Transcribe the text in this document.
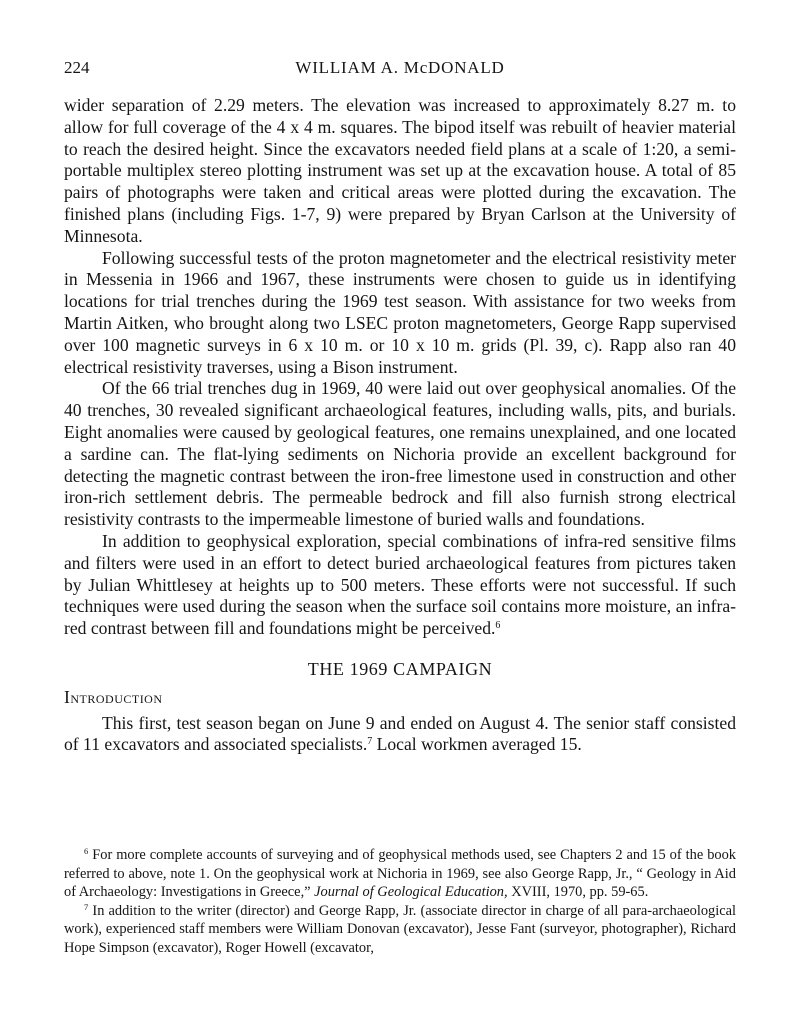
224	WILLIAM A. McDONALD

wider separation of 2.29 meters. The elevation was increased to approximately 8.27 m. to allow for full coverage of the 4 x 4 m. squares. The bipod itself was rebuilt of heavier material to reach the desired height. Since the excavators needed field plans at a scale of 1:20, a semi-portable multiplex stereo plotting instrument was set up at the excavation house. A total of 85 pairs of photographs were taken and critical areas were plotted during the excavation. The finished plans (including Figs. 1-7, 9) were prepared by Bryan Carlson at the University of Minnesota.

Following successful tests of the proton magnetometer and the electrical resistivity meter in Messenia in 1966 and 1967, these instruments were chosen to guide us in identifying locations for trial trenches during the 1969 test season. With assistance for two weeks from Martin Aitken, who brought along two LSEC proton magnetometers, George Rapp supervised over 100 magnetic surveys in 6 x 10 m. or 10 x 10 m. grids (Pl. 39, c). Rapp also ran 40 electrical resistivity traverses, using a Bison instrument.

Of the 66 trial trenches dug in 1969, 40 were laid out over geophysical anomalies. Of the 40 trenches, 30 revealed significant archaeological features, including walls, pits, and burials. Eight anomalies were caused by geological features, one remains unexplained, and one located a sardine can. The flat-lying sediments on Nichoria provide an excellent background for detecting the magnetic contrast between the iron-free limestone used in construction and other iron-rich settlement debris. The permeable bedrock and fill also furnish strong electrical resistivity contrasts to the impermeable limestone of buried walls and foundations.

In addition to geophysical exploration, special combinations of infra-red sensitive films and filters were used in an effort to detect buried archaeological features from pictures taken by Julian Whittlesey at heights up to 500 meters. These efforts were not successful. If such techniques were used during the season when the surface soil contains more moisture, an infra-red contrast between fill and foundations might be perceived.$^6$

THE 1969 CAMPAIGN
Introduction

This first, test season began on June 9 and ended on August 4. The senior staff consisted of 11 excavators and associated specialists.$^7$ Local workmen averaged 15.

$^6$ For more complete accounts of surveying and of geophysical methods used, see Chapters 2 and 15 of the book referred to above, note 1. On the geophysical work at Nichoria in 1969, see also George Rapp, Jr., “ Geology in Aid of Archaeology: Investigations in Greece,” Journal of Geological Education, XVIII, 1970, pp. 59-65.

$^7$ In addition to the writer (director) and George Rapp, Jr. (associate director in charge of all para-archaeological work), experienced staff members were William Donovan (excavator), Jesse Fant (surveyor, photographer), Richard Hope Simpson (excavator), Roger Howell (excavator,
